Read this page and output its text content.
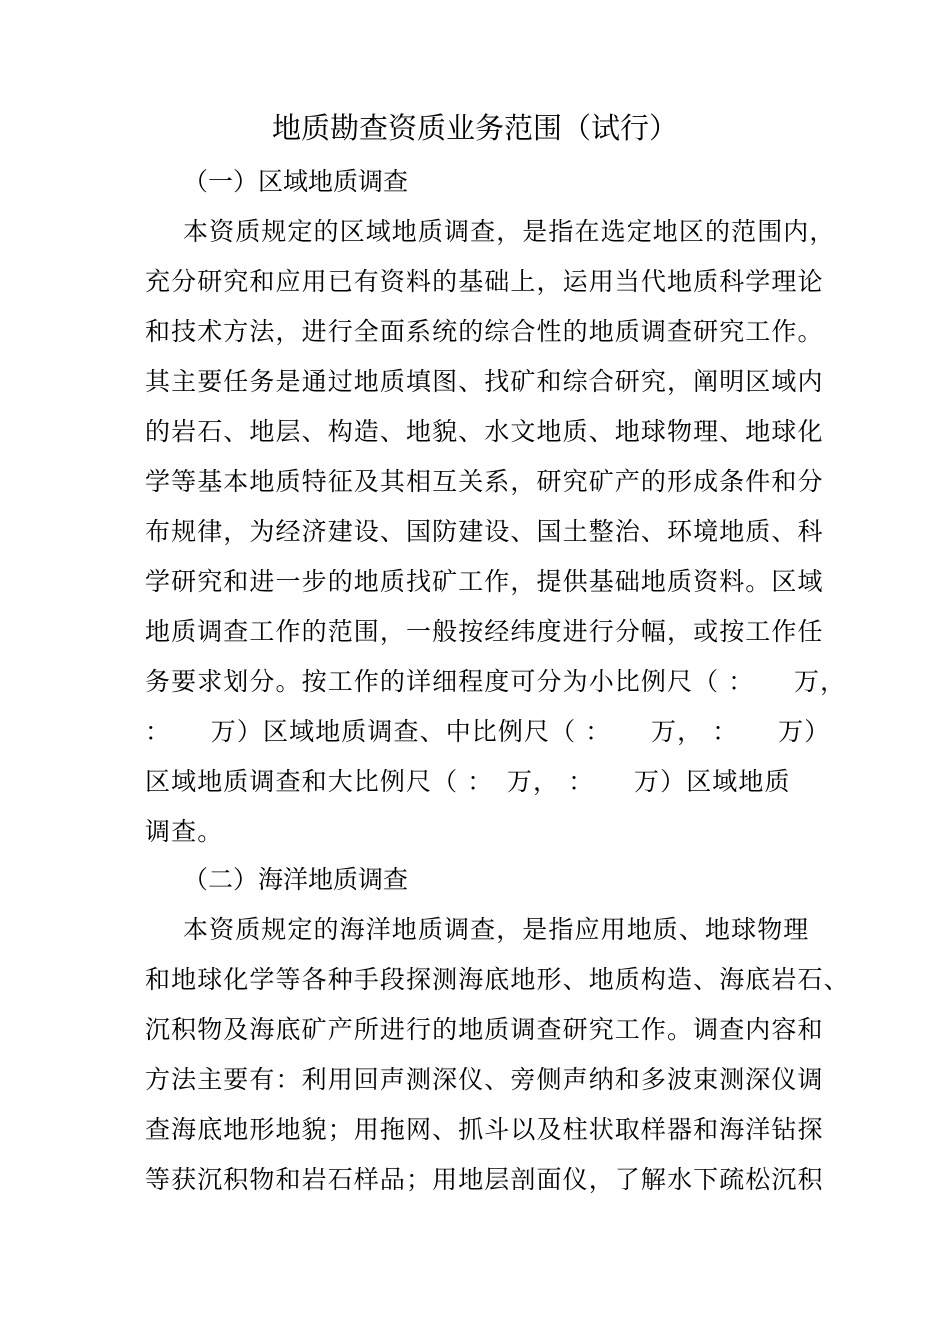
地质勘查资质业务范围（试行）
（一）区域地质调查
本资质规定的区域地质调查，是指在选定地区的范围内，
充分研究和应用已有资料的基础上，运用当代地质科学理论
和技术方法，进行全面系统的综合性的地质调查研究工作。
其主要任务是通过地质填图、找矿和综合研究，阐明区域内
的岩石、地层、构造、地貌、水文地质、地球物理、地球化
学等基本地质特征及其相互关系，研究矿产的形成条件和分
布规律，为经济建设、国防建设、国土整治、环境地质、科
学研究和进一步的地质找矿工作，提供基础地质资料。区域
地质调查工作的范围，一般按经纬度进行分幅，或按工作任
务要求划分。按工作的详细程度可分为小比例尺（ ：　　万，
：　　万）区域地质调查、中比例尺（ ：　　万， ：　　万）
区域地质调查和大比例尺（ ：　万， ：　　万）区域地质
调查。
（二）海洋地质调查
本资质规定的海洋地质调查，是指应用地质、地球物理
和地球化学等各种手段探测海底地形、地质构造、海底岩石、
沉积物及海底矿产所进行的地质调查研究工作。调查内容和
方法主要有：利用回声测深仪、旁侧声纳和多波束测深仪调
查海底地形地貌；用拖网、抓斗以及柱状取样器和海洋钻探
等获沉积物和岩石样品；用地层剖面仪，了解水下疏松沉积
